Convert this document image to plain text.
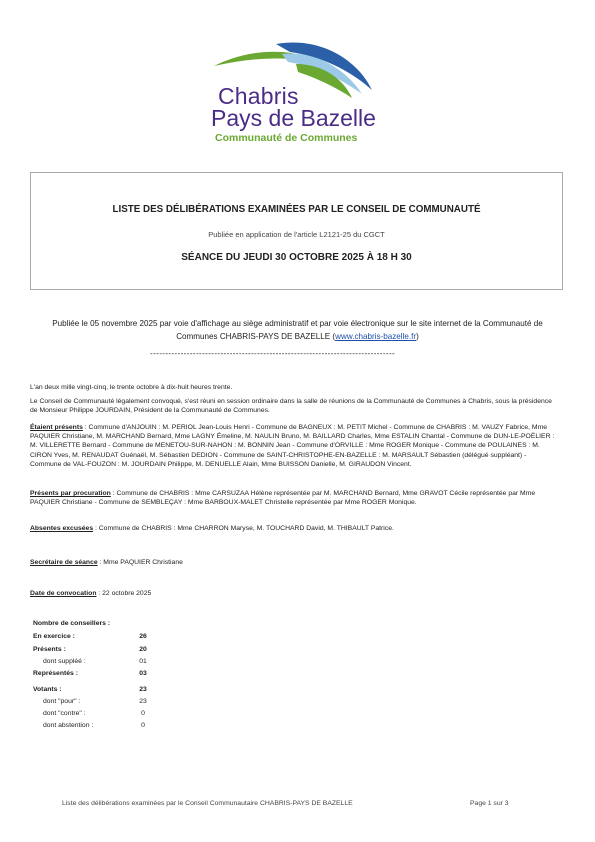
Chabris
Pays de Bazelle
Communauté de Communes
LISTE DES DÉLIBÉRATIONS EXAMINÉES PAR LE CONSEIL DE COMMUNAUTÉ
Publiée en application de l'article L2121-25 du CGCT
SÉANCE DU JEUDI 30 OCTOBRE 2025 À 18 H 30
Publiée le 05 novembre 2025 par voie d'affichage au siège administratif et par voie électronique sur le site internet de la Communauté de Communes CHABRIS-PAYS DE BAZELLE (www.chabris-bazelle.fr)
--------------------------------------------------------------------------------
L'an deux mille vingt-cinq, le trente octobre à dix-huit heures trente.
Le Conseil de Communauté légalement convoqué, s'est réuni en session ordinaire dans la salle de réunions de la Communauté de Communes à Chabris, sous la présidence de Monsieur Philippe JOURDAIN, Président de la Communauté de Communes.
Étaient présents : Commune d'ANJOUIN : M. PERIOL Jean-Louis Henri - Commune de BAGNEUX : M. PETIT Michel - Commune de CHABRIS : M. VAUZY Fabrice, Mme PAQUIER Christiane, M. MARCHAND Bernard, Mme LAGNY Émeline, M. NAULIN Bruno, M. BAILLARD Charles, Mme ESTALIN Chantal - Commune de DUN-LE-POËLIER : M. VILLERETTE Bernard - Commune de MENETOU-SUR-NAHON : M. BONNIN Jean - Commune d'ORVILLE : Mme ROGER Monique - Commune de POULAINES : M. CIRON Yves, M. RENAUDAT Guénaël, M. Sébastien DEDION - Commune de SAINT-CHRISTOPHE-EN-BAZELLE : M. MARSAULT Sébastien (délégué suppléant) - Commune de VAL-FOUZON : M. JOURDAIN Philippe, M. DENUELLE Alain, Mme BUISSON Danielle, M. GIRAUDON Vincent.
Présents par procuration : Commune de CHABRIS : Mme CARSUZAA Hélène représentée par M. MARCHAND Bernard, Mme GRAVOT Cécile représentée par Mme PAQUIER Christiane - Commune de SEMBLEÇAY : Mme BARBOUX-MALET Christelle représentée par Mme ROGER Monique.
Absentes excusées : Commune de CHABRIS : Mme CHARRON Maryse, M. TOUCHARD David, M. THIBAULT Patrice.
Secrétaire de séance : Mme PAQUIER Christiane
Date de convocation : 22 octobre 2025
Nombre de conseillers :
En exercice :	26
Présents :	20
dont suppléé :	01
Représentés :	03
Votants :	23
dont "pour" :	23
dont "contre" :	0
dont abstention :	0
Liste des délibérations examinées par le Conseil Communautaire CHABRIS-PAYS DE BAZELLE	Page 1 sur 3
